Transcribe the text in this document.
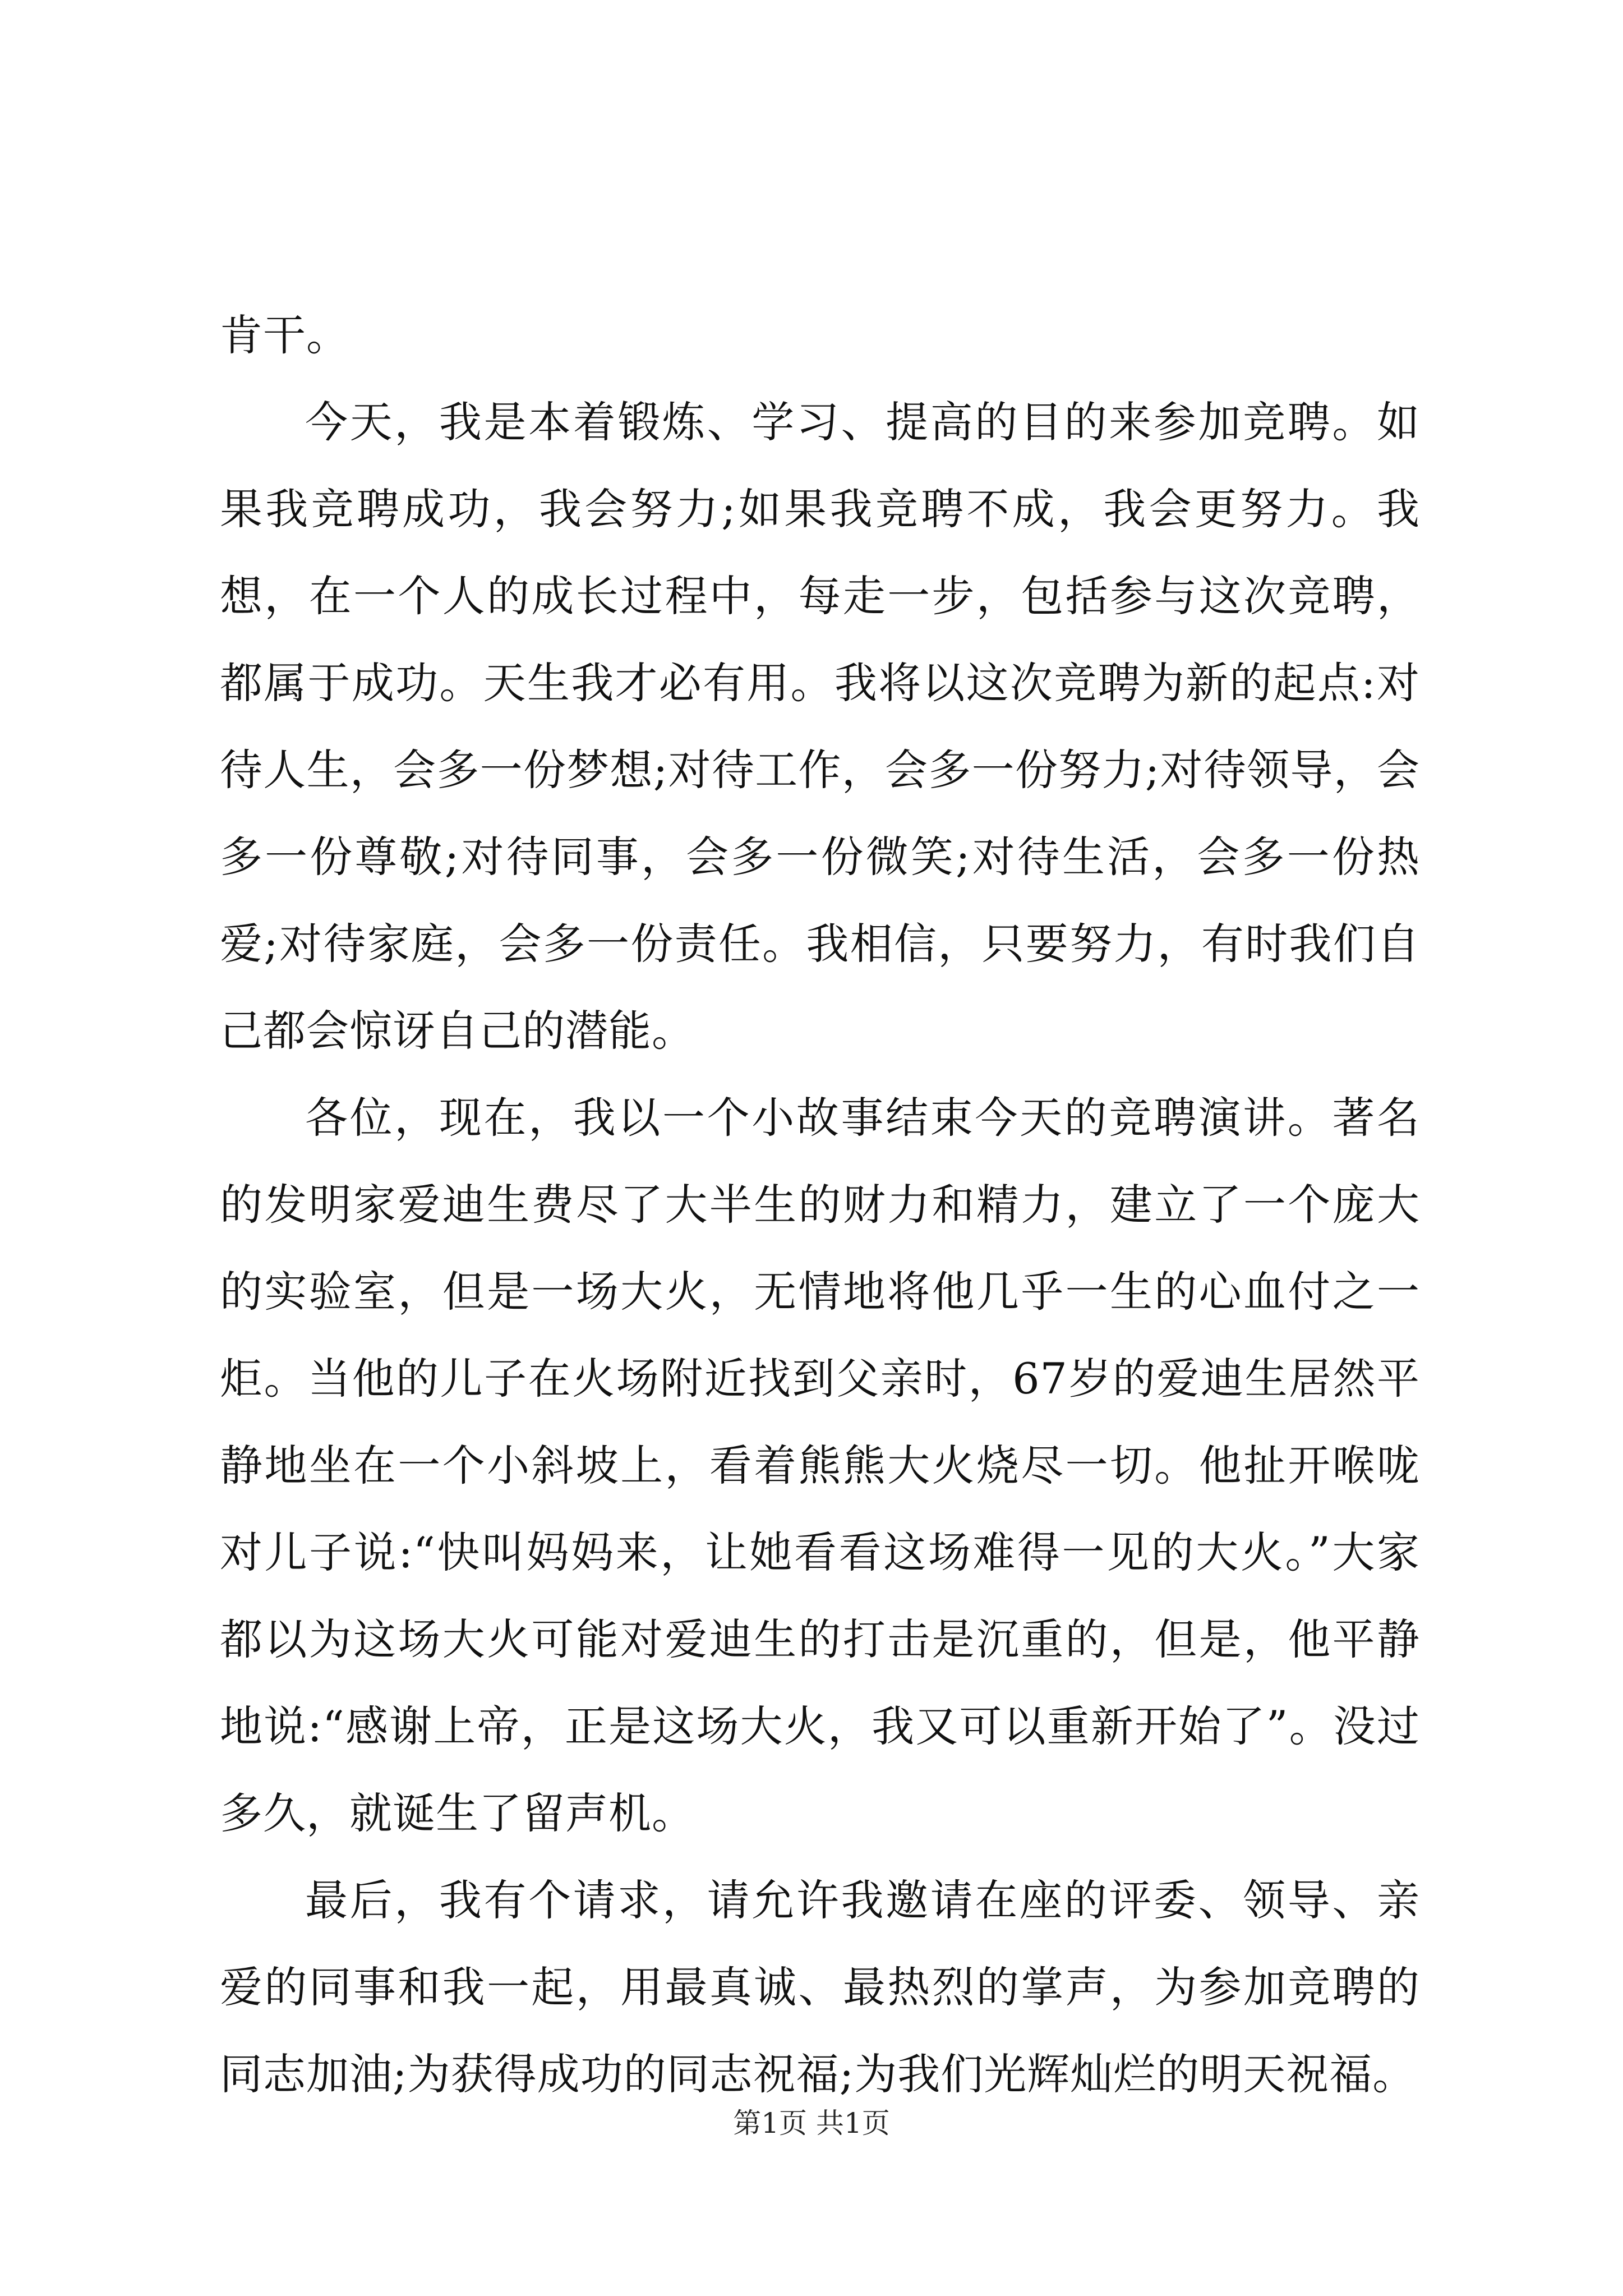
肯干。

今天，我是本着锻炼、学习、提高的目的来参加竞聘。如果我竞聘成功，我会努力;如果我竞聘不成，我会更努力。我想，在一个人的成长过程中，每走一步，包括参与这次竞聘，都属于成功。天生我才必有用。我将以这次竞聘为新的起点:对待人生，会多一份梦想;对待工作，会多一份努力;对待领导，会多一份尊敬;对待同事，会多一份微笑;对待生活，会多一份热爱;对待家庭，会多一份责任。我相信，只要努力，有时我们自己都会惊讶自己的潜能。

各位，现在，我以一个小故事结束今天的竞聘演讲。著名的发明家爱迪生费尽了大半生的财力和精力，建立了一个庞大的实验室，但是一场大火，无情地将他几乎一生的心血付之一炬。当他的儿子在火场附近找到父亲时，67岁的爱迪生居然平静地坐在一个小斜坡上，看着熊熊大火烧尽一切。他扯开喉咙对儿子说:“快叫妈妈来，让她看看这场难得一见的大火。”大家都以为这场大火可能对爱迪生的打击是沉重的，但是，他平静地说:“感谢上帝，正是这场大火，我又可以重新开始了”。没过多久，就诞生了留声机。

最后，我有个请求，请允许我邀请在座的评委、领导、亲爱的同事和我一起，用最真诚、最热烈的掌声，为参加竞聘的同志加油;为获得成功的同志祝福;为我们光辉灿烂的明天祝福。

第1页 共1页
